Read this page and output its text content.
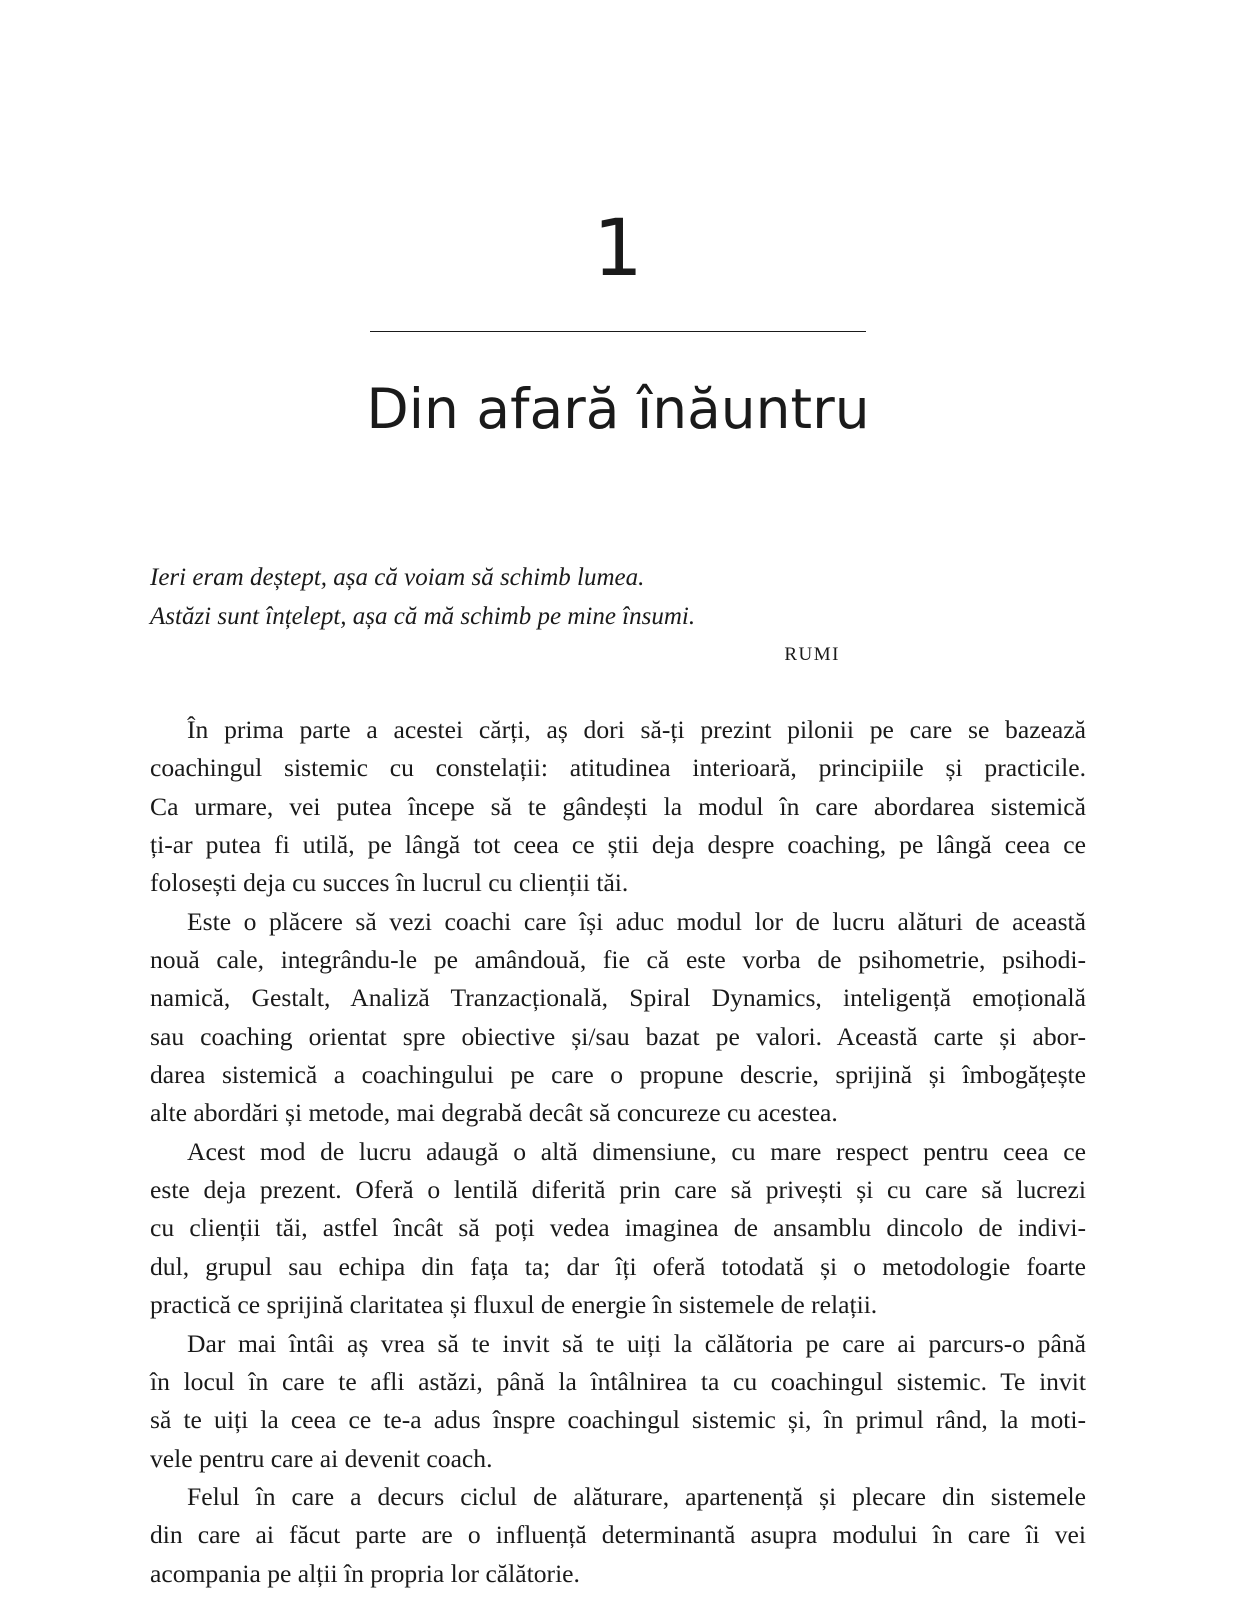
1
Din afară înăuntru
Ieri eram deștept, așa că voiam să schimb lumea.
Astăzi sunt înțelept, așa că mă schimb pe mine însumi.
RUMI
În prima parte a acestei cărți, aș dori să-ți prezint pilonii pe care se bazează
coachingul sistemic cu constelații: atitudinea interioară, principiile și practicile.
Ca urmare, vei putea începe să te gândești la modul în care abordarea sistemică
ți-ar putea fi utilă, pe lângă tot ceea ce știi deja despre coaching, pe lângă ceea ce
folosești deja cu succes în lucrul cu clienții tăi.
Este o plăcere să vezi coachi care își aduc modul lor de lucru alături de această
nouă cale, integrându-le pe amândouă, fie că este vorba de psihometrie, psihodi-
namică, Gestalt, Analiză Tranzacțională, Spiral Dynamics, inteligență emoțională
sau coaching orientat spre obiective și/sau bazat pe valori. Această carte și abor-
darea sistemică a coachingului pe care o propune descrie, sprijină și îmbogățește
alte abordări și metode, mai degrabă decât să concureze cu acestea.
Acest mod de lucru adaugă o altă dimensiune, cu mare respect pentru ceea ce
este deja prezent. Oferă o lentilă diferită prin care să privești și cu care să lucrezi
cu clienții tăi, astfel încât să poți vedea imaginea de ansamblu dincolo de indivi-
dul, grupul sau echipa din fața ta; dar îți oferă totodată și o metodologie foarte
practică ce sprijină claritatea și fluxul de energie în sistemele de relații.
Dar mai întâi aș vrea să te invit să te uiți la călătoria pe care ai parcurs-o până
în locul în care te afli astăzi, până la întâlnirea ta cu coachingul sistemic. Te invit
să te uiți la ceea ce te-a adus înspre coachingul sistemic și, în primul rând, la moti-
vele pentru care ai devenit coach.
Felul în care a decurs ciclul de alăturare, apartenență și plecare din sistemele
din care ai făcut parte are o influență determinantă asupra modului în care îi vei
acompania pe alții în propria lor călătorie.
